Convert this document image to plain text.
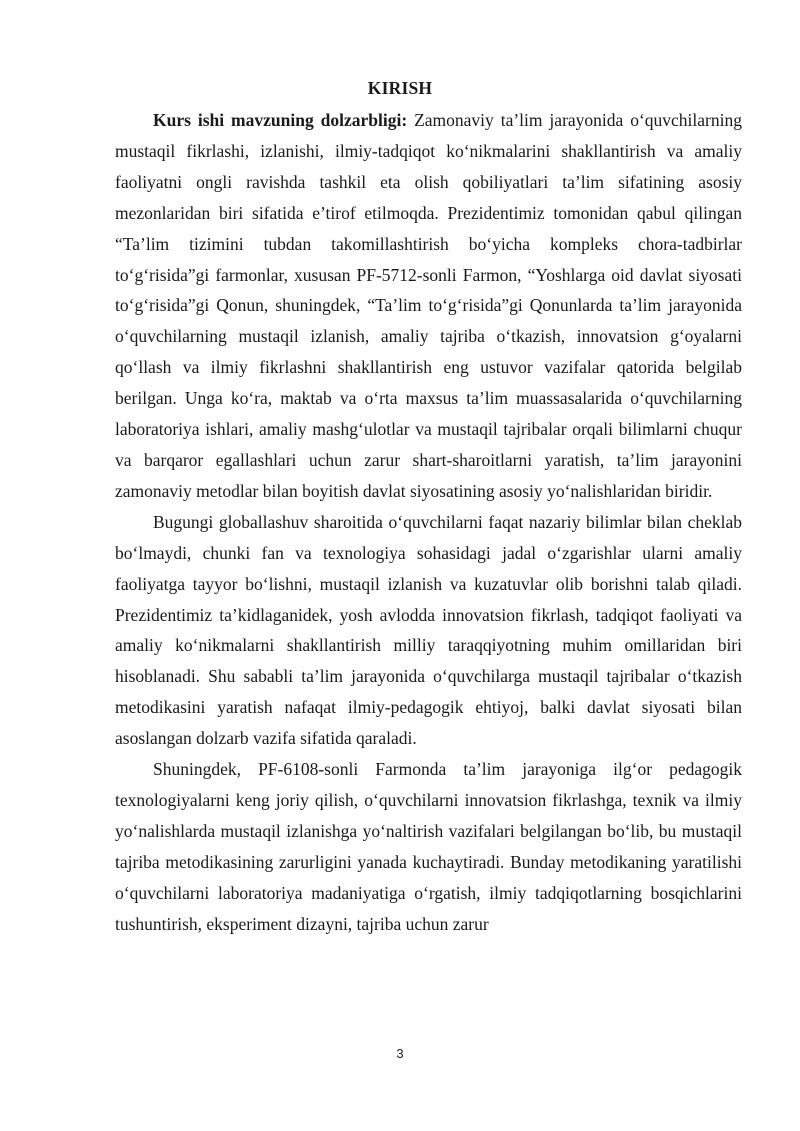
KIRISH

Kurs ishi mavzuning dolzarbligi: Zamonaviy ta’lim jarayonida o‘quvchilarning mustaqil fikrlashi, izlanishi, ilmiy-tadqiqot ko‘nikmalarini shakllantirish va amaliy faoliyatni ongli ravishda tashkil eta olish qobiliyatlari ta’lim sifatining asosiy mezonlaridan biri sifatida e’tirof etilmoqda. Prezidentimiz tomonidan qabul qilingan “Ta’lim tizimini tubdan takomillashtirish bo‘yicha kompleks chora-tadbirlar to‘g‘risida”gi farmonlar, xususan PF-5712-sonli Farmon, “Yoshlarga oid davlat siyosati to‘g‘risida”gi Qonun, shuningdek, “Ta’lim to‘g‘risida”gi Qonunlarda ta’lim jarayonida o‘quvchilarning mustaqil izlanish, amaliy tajriba o‘tkazish, innovatsion g‘oyalarni qo‘llash va ilmiy fikrlashni shakllantirish eng ustuvor vazifalar qatorida belgilab berilgan. Unga ko‘ra, maktab va o‘rta maxsus ta’lim muassasalarida o‘quvchilarning laboratoriya ishlari, amaliy mashg‘ulotlar va mustaqil tajribalar orqali bilimlarni chuqur va barqaror egallashlari uchun zarur shart-sharoitlarni yaratish, ta’lim jarayonini zamonaviy metodlar bilan boyitish davlat siyosatining asosiy yo‘nalishlaridan biridir.

Bugungi globallashuv sharoitida o‘quvchilarni faqat nazariy bilimlar bilan cheklab bo‘lmaydi, chunki fan va texnologiya sohasidagi jadal o‘zgarishlar ularni amaliy faoliyatga tayyor bo‘lishni, mustaqil izlanish va kuzatuvlar olib borishni talab qiladi. Prezidentimiz ta’kidlaganidek, yosh avlodda innovatsion fikrlash, tadqiqot faoliyati va amaliy ko‘nikmalarni shakllantirish milliy taraqqiyotning muhim omillaridan biri hisoblanadi. Shu sababli ta’lim jarayonida o‘quvchilarga mustaqil tajribalar o‘tkazish metodikasini yaratish nafaqat ilmiy-pedagogik ehtiyoj, balki davlat siyosati bilan asoslangan dolzarb vazifa sifatida qaraladi.

Shuningdek, PF-6108-sonli Farmonda ta’lim jarayoniga ilg‘or pedagogik texnologiyalarni keng joriy qilish, o‘quvchilarni innovatsion fikrlashga, texnik va ilmiy yo‘nalishlarda mustaqil izlanishga yo‘naltirish vazifalari belgilangan bo‘lib, bu mustaqil tajriba metodikasining zarurligini yanada kuchaytiradi. Bunday metodikaning yaratilishi o‘quvchilarni laboratoriya madaniyatiga o‘rgatish, ilmiy tadqiqotlarning bosqichlarini tushuntirish, eksperiment dizayni, tajriba uchun zarur

3
